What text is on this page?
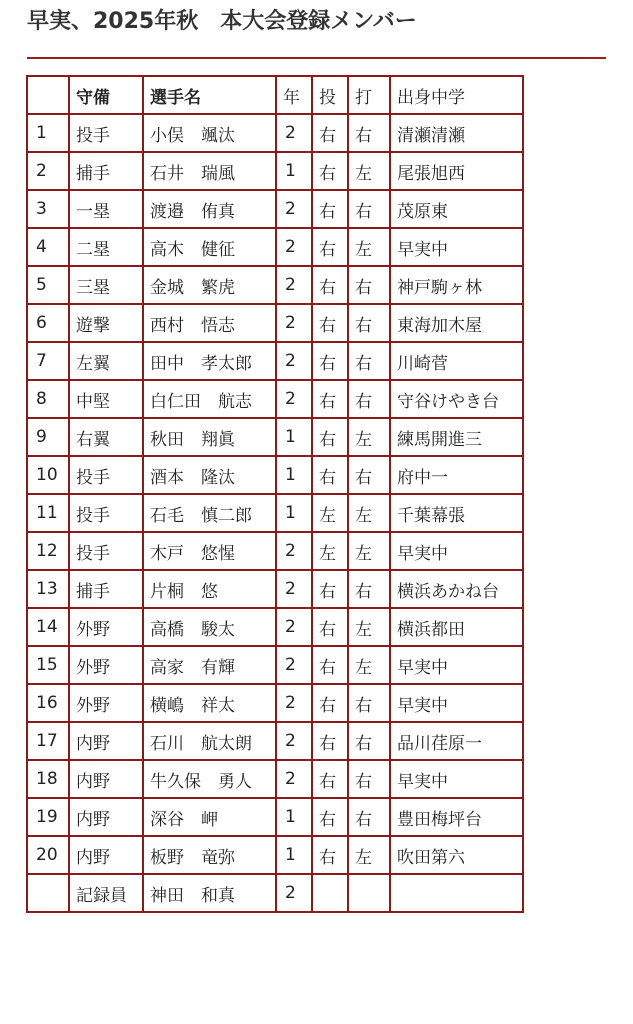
早実、2025年秋　本大会登録メンバー
	守備	選手名	年	投	打	出身中学
1	投手	小俣　颯汰	2	右	右	清瀬清瀬
2	捕手	石井　瑞風	1	右	左	尾張旭西
3	一塁	渡邉　侑真	2	右	右	茂原東
4	二塁	高木　健征	2	右	左	早実中
5	三塁	金城　繁虎	2	右	右	神戸駒ヶ林
6	遊撃	西村　悟志	2	右	右	東海加木屋
7	左翼	田中　孝太郎	2	右	右	川崎菅
8	中堅	白仁田　航志	2	右	右	守谷けやき台
9	右翼	秋田　翔眞	1	右	左	練馬開進三
10	投手	酒本　隆汰	1	右	右	府中一
11	投手	石毛　慎二郎	1	左	左	千葉幕張
12	投手	木戸　悠惺	2	左	左	早実中
13	捕手	片桐　悠	2	右	右	横浜あかね台
14	外野	高橋　駿太	2	右	左	横浜都田
15	外野	高家　有輝	2	右	左	早実中
16	外野	横嶋　祥太	2	右	右	早実中
17	内野	石川　航太朗	2	右	右	品川荏原一
18	内野	牛久保　勇人	2	右	右	早実中
19	内野	深谷　岬	1	右	右	豊田梅坪台
20	内野	板野　竜弥	1	右	左	吹田第六
	記録員	神田　和真	2			
